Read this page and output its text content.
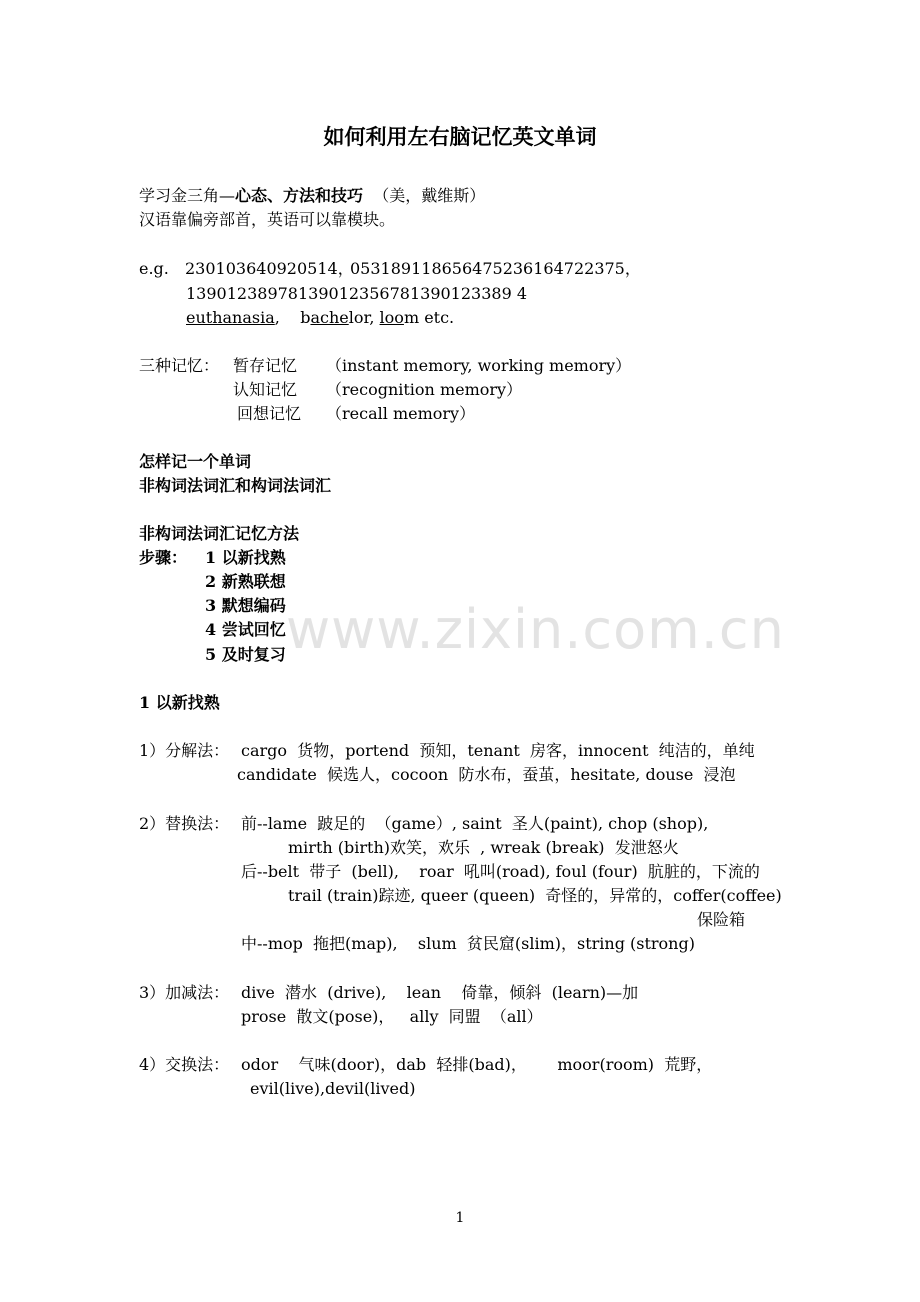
如何利用左右脑记忆英文单词
学习金三角—心态、方法和技巧 （美，戴维斯）
汉语靠偏旁部首，英语可以靠模块。
e.g. 230103640920514，
053189118656475236164722375，
13901238978139012356781390123389 4
euthanasia, bachelor, loom etc.
三种记忆： 暂存记忆 （instant memory, working memory）
认知记忆 （recognition memory）
回想记忆 （recall memory）
怎样记一个单词
非构词法词汇和构词法词汇
非构词法词汇记忆方法
步骤： 1 以新找熟
2 新熟联想
3 默想编码
4 尝试回忆
5 及时复习
1 以新找熟
1）分解法： cargo  货物，portend  预知，tenant  房客，innocent  纯洁的，单纯
candidate  候选人，cocoon  防水布，蚕茧，hesitate, douse  浸泡
2）替换法： 前--lame  跛足的  （game）, saint  圣人(paint), chop (shop),
mirth (birth)欢笑，欢乐  , wreak (break)  发泄怒火
后--belt  带子  (bell),    roar  吼叫(road), foul (four)  肮脏的，下流的
trail (train)踪迹, queer (queen)  奇怪的，异常的，coffer(coffee)
保险箱
中--mop  拖把(map),    slum  贫民窟(slim)，string (strong)
3）加减法： dive  潜水  (drive),    lean    倚靠，倾斜  (learn)—加
prose  散文(pose)，   ally  同盟  （all）
4）交换法： odor    气味(door)，dab  轻排(bad)，      moor(room)  荒野，
evil(live),devil(lived)
www.zixin.com.cn
1
